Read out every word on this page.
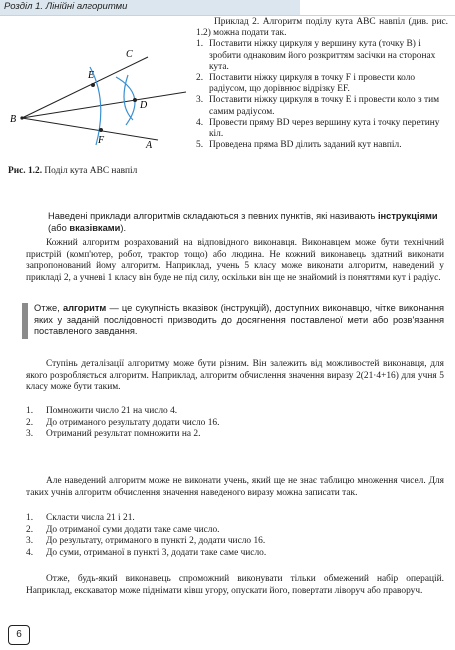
Розділ 1. Лінійні алгоритми
C
E
D
B
F	A
Рис. 1.2. Поділ кута ABC навпіл
Приклад 2. Алгоритм поділу кута ABC навпіл (див. рис. 1.2) можна подати так.
1. Поставити ніжку циркуля у вершину кута (точку B) і зробити однаковим його розкриттям засічки на сторонах кута.
2. Поставити ніжку циркуля в точку F і провести коло радіусом, що дорівнює відрізку EF.
3. Поставити ніжку циркуля в точку E і провести коло з тим самим радіусом.
4. Провести пряму BD через вершину кута і точку перетину кіл.
5. Проведена пряма BD ділить заданий кут навпіл.
Наведені приклади алгоритмів складаються з певних пунктів, які називають інструкціями (або вказівками).
Кожний алгоритм розрахований на відповідного виконавця. Виконавцем може бути технічний пристрій (комп'ютер, робот, трактор тощо) або людина. Не кожний виконавець здатний виконати запропонований йому алгоритм. Наприклад, учень 5 класу може виконати алгоритм, наведений у прикладі 2, а учневі 1 класу він буде не під силу, оскільки він ще не знайомий із поняттями кут і радіус.
Отже, алгоритм — це сукупність вказівок (інструкцій), доступних виконавцю, чітке виконання яких у заданій послідовності призводить до досягнення поставленої мети або розв'язання поставленого завдання.
Ступінь деталізації алгоритму може бути різним. Він залежить від можливостей виконавця, для якого розробляється алгоритм. Наприклад, алгоритм обчислення значення виразу 2(21·4+16) для учня 5 класу може бути таким.
1.	Помножити число 21 на число 4.
2.	До отриманого результату додати число 16.
3.	Отриманий результат помножити на 2.
Але наведений алгоритм може не виконати учень, який ще не знає таблицю множення чисел. Для таких учнів алгоритм обчислення значення наведеного виразу можна записати так.
1.	Скласти числа 21 і 21.
2.	До отриманої суми додати таке саме число.
3.	До результату, отриманого в пункті 2, додати число 16.
4.	До суми, отриманої в пункті 3, додати таке саме число.
Отже, будь-який виконавець спроможний виконувати тільки обмежений набір операцій. Наприклад, екскаватор може піднімати ківш угору, опускати його, повертати ліворуч або праворуч.
6
